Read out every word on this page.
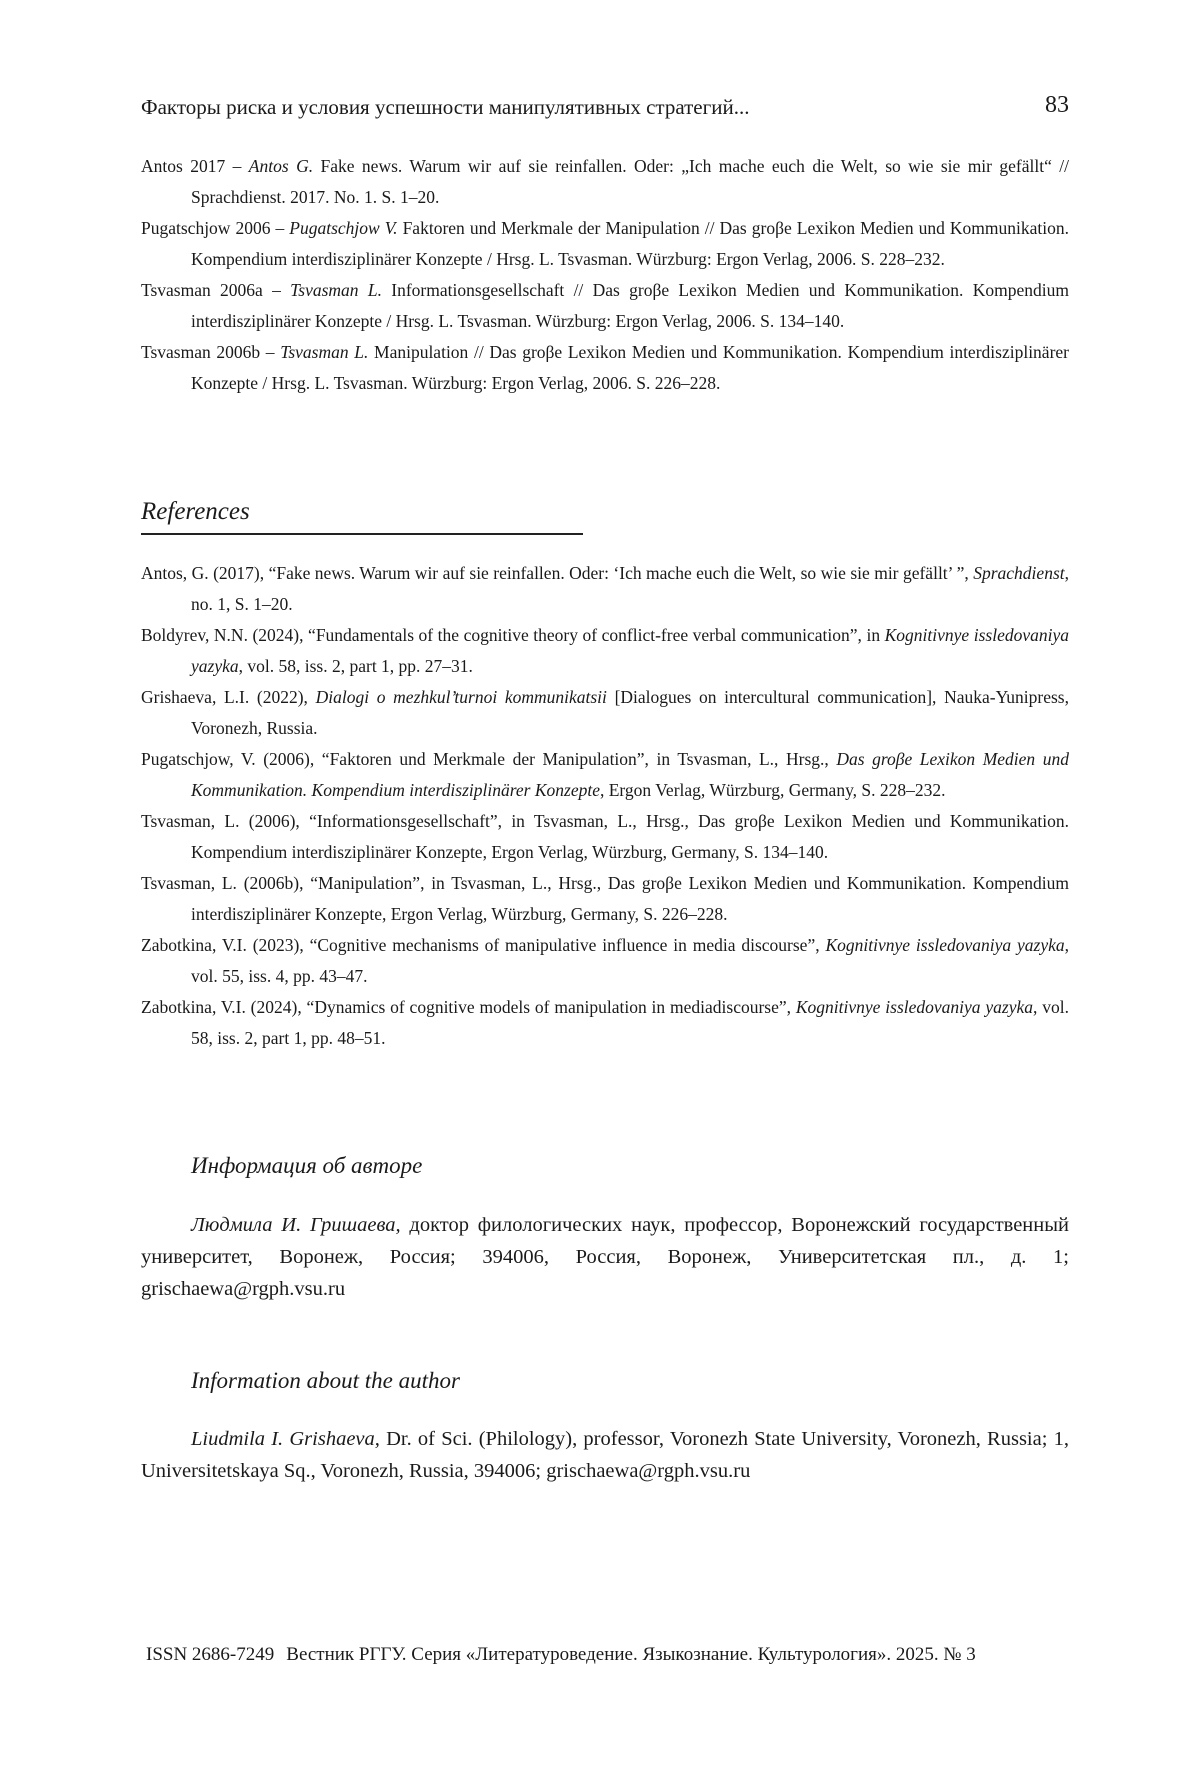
Факторы риска и условия успешности манипулятивных стратегий...	83

Antos 2017 – Antos G. Fake news. Warum wir auf sie reinfallen. Oder: „Ich mache euch die Welt, so wie sie mir gefällt“ // Sprachdienst. 2017. No. 1. S. 1–20.

Pugatschjow 2006 – Pugatschjow V. Faktoren und Merkmale der Manipulation // Das groβe Lexikon Medien und Kommunikation. Kompendium interdisziplinärer Konzepte / Hrsg. L. Tsvasman. Würzburg: Ergon Verlag, 2006. S. 228–232.

Tsvasman 2006a – Tsvasman L. Informationsgesellschaft // Das groβe Lexikon Medien und Kommunikation. Kompendium interdisziplinärer Konzepte / Hrsg. L. Tsvasman. Würzburg: Ergon Verlag, 2006. S. 134–140.

Tsvasman 2006b – Tsvasman L. Manipulation // Das groβe Lexikon Medien und Kommunikation. Kompendium interdisziplinärer Konzepte / Hrsg. L. Tsvasman. Würzburg: Ergon Verlag, 2006. S. 226–228.

References

Antos, G. (2017), “Fake news. Warum wir auf sie reinfallen. Oder: ‘Ich mache euch die Welt, so wie sie mir gefällt’ ”, Sprachdienst, no. 1, S. 1–20.

Boldyrev, N.N. (2024), “Fundamentals of the cognitive theory of conflict-free verbal communication”, in Kognitivnye issledovaniya yazyka, vol. 58, iss. 2, part 1, pp. 27–31.

Grishaeva, L.I. (2022), Dialogi o mezhkul’turnoi kommunikatsii [Dialogues on intercultural communication], Nauka-Yunipress, Voronezh, Russia.

Pugatschjow, V. (2006), “Faktoren und Merkmale der Manipulation”, in Tsvasman, L., Hrsg., Das groβe Lexikon Medien und Kommunikation. Kompendium interdisziplinärer Konzepte, Ergon Verlag, Würzburg, Germany, S. 228–232.

Tsvasman, L. (2006), “Informationsgesellschaft”, in Tsvasman, L., Hrsg., Das groβe Lexikon Medien und Kommunikation. Kompendium interdisziplinärer Konzepte, Ergon Verlag, Würzburg, Germany, S. 134–140.

Tsvasman, L. (2006b), “Manipulation”, in Tsvasman, L., Hrsg., Das groβe Lexikon Medien und Kommunikation. Kompendium interdisziplinärer Konzepte, Ergon Verlag, Würzburg, Germany, S. 226–228.

Zabotkina, V.I. (2023), “Cognitive mechanisms of manipulative influence in media discourse”, Kognitivnye issledovaniya yazyka, vol. 55, iss. 4, pp. 43–47.

Zabotkina, V.I. (2024), “Dynamics of cognitive models of manipulation in mediadiscourse”, Kognitivnye issledovaniya yazyka, vol. 58, iss. 2, part 1, pp. 48–51.

Информация об авторе

Людмила И. Гришаева, доктор филологических наук, профессор, Воронежский государственный университет, Воронеж, Россия; 394006, Россия, Воронеж, Университетская пл., д. 1; grischaewa@rgph.vsu.ru

Information about the author

Liudmila I. Grishaeva, Dr. of Sci. (Philology), professor, Voronezh State University, Voronezh, Russia; 1, Universitetskaya Sq., Voronezh, Russia, 394006; grischaewa@rgph.vsu.ru

ISSN 2686-7249 Вестник РГГУ. Серия «Литературоведение. Языкознание. Культурология». 2025. № 3
